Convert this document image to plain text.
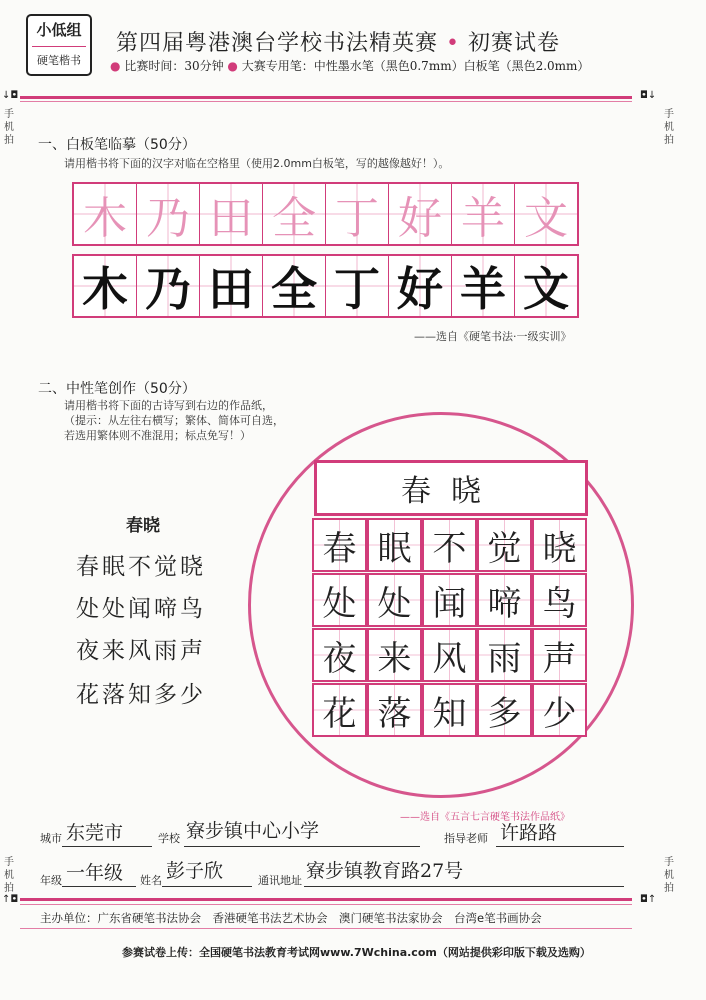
小低组
硬笔楷书
第四届粤港澳台学校书法精英赛 • 初赛试卷
● 比赛时间：30分钟 ● 大赛专用笔：中性墨水笔（黑色0.7mm）白板笔（黑色2.0mm）
◘↓
↓◘
手机拍
手机拍 一、白板笔临摹（50分）
请用楷书将下面的汉字对临在空格里（使用2.0mm白板笔，写的越像越好！）。
木 乃 田 全 丁 好 羊 文
木 乃 田 全 丁 好 羊 文
——选自《硬笔书法·一级实训》
二、中性笔创作（50分）
请用楷书将下面的古诗写到右边的作品纸，
（提示：从左往右横写；繁体、简体可自选，
若选用繁体则不准混用；标点免写！）
春晓
春眠不觉晓
处处闻啼鸟
夜来风雨声
花落知多少
春晓
春 眠 不 觉 晓
处 处 闻 啼 鸟
夜 来 风 雨 声
花 落 知 多 少
——选自《五言七言硬笔书法作品纸》
城市 东莞市	学校 寮步镇中心小学	指导老师 许路路
年级 一年级 姓名 彭子欣	通讯地址 寮步镇教育路27号	手机拍
手机拍
◘↑
↑◘
主办单位：广东省硬笔书法协会　香港硬笔书法艺术协会　澳门硬笔书法家协会　台湾e笔书画协会
参赛试卷上传：全国硬笔书法教育考试网www.7Wchina.com（网站提供彩印版下载及选购）
